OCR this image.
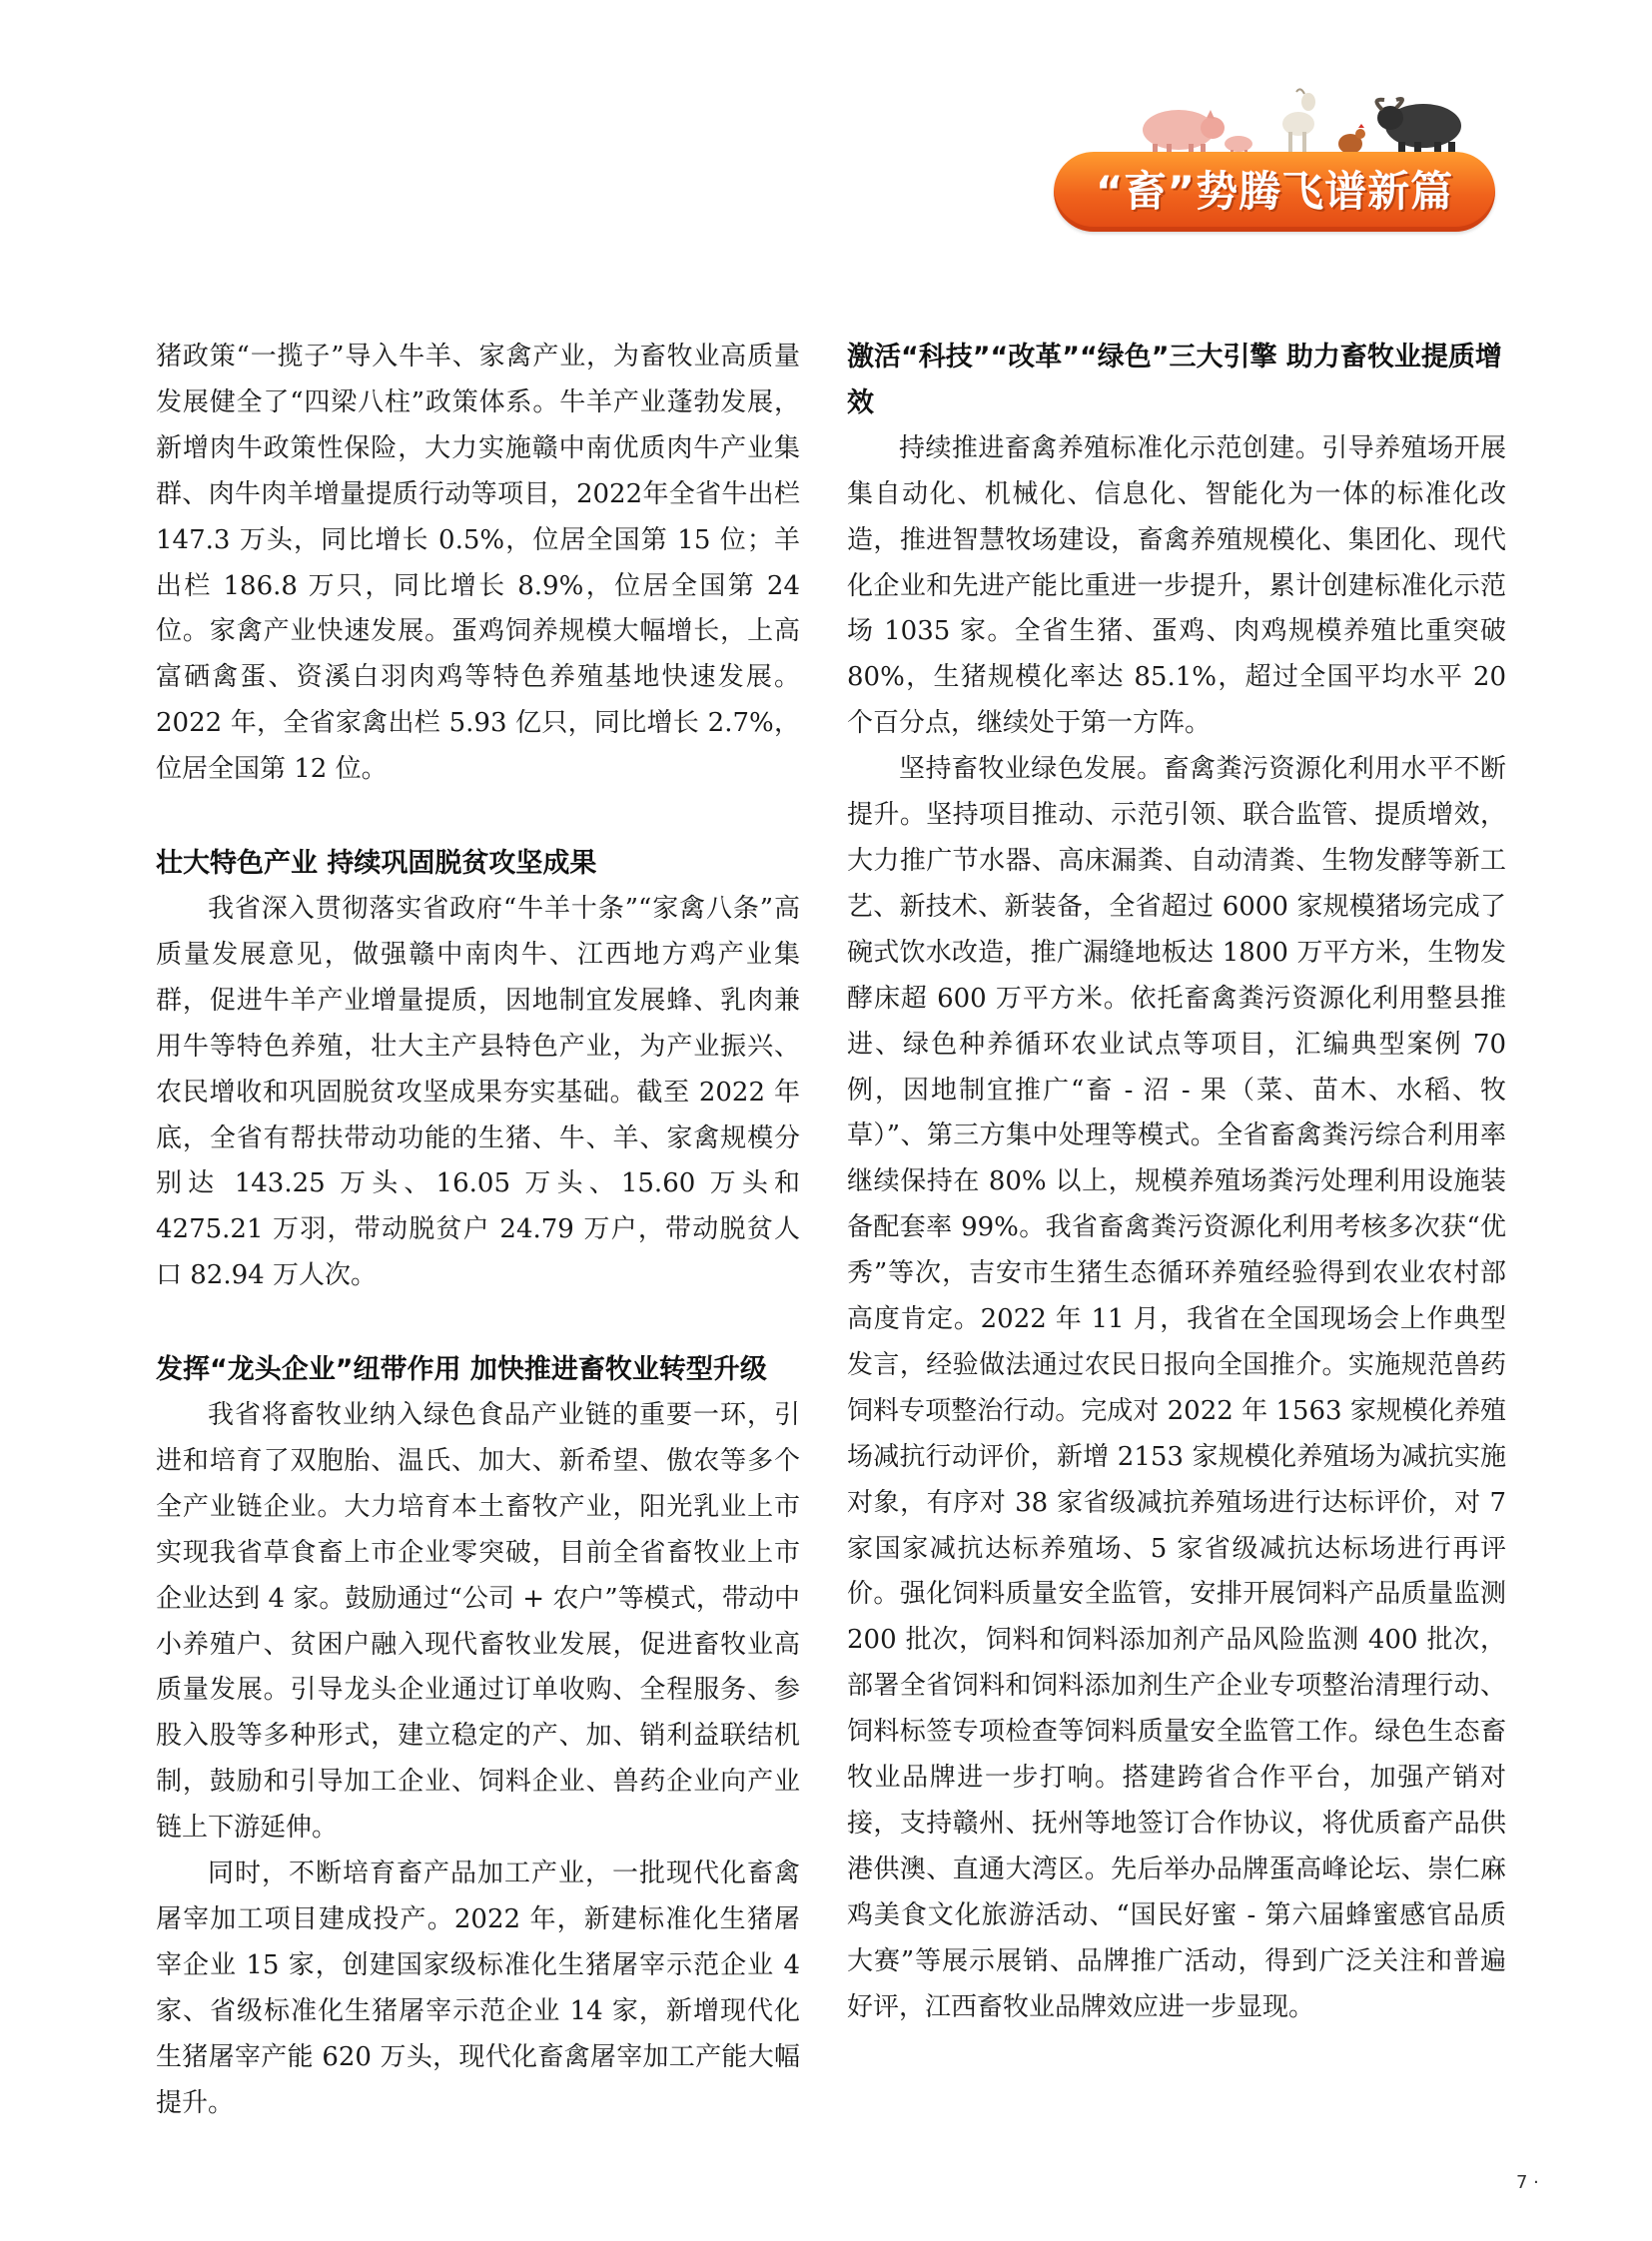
“畜”势腾飞谱新篇

猪政策“一揽子”导入牛羊、家禽产业，为畜牧业高质量发展健全了“四梁八柱”政策体系。牛羊产业蓬勃发展，新增肉牛政策性保险，大力实施赣中南优质肉牛产业集群、肉牛肉羊增量提质行动等项目，2022年全省牛出栏 147.3 万头，同比增长 0.5%，位居全国第 15 位；羊出栏 186.8 万只，同比增长 8.9%，位居全国第 24 位。家禽产业快速发展。蛋鸡饲养规模大幅增长，上高富硒禽蛋、资溪白羽肉鸡等特色养殖基地快速发展。2022 年，全省家禽出栏 5.93 亿只，同比增长 2.7%，位居全国第 12 位。

壮大特色产业 持续巩固脱贫攻坚成果

我省深入贯彻落实省政府“牛羊十条”“家禽八条”高质量发展意见，做强赣中南肉牛、江西地方鸡产业集群，促进牛羊产业增量提质，因地制宜发展蜂、乳肉兼用牛等特色养殖，壮大主产县特色产业，为产业振兴、农民增收和巩固脱贫攻坚成果夯实基础。截至 2022 年底，全省有帮扶带动功能的生猪、牛、羊、家禽规模分别达 143.25 万头、16.05 万头、15.60 万头和 4275.21 万羽，带动脱贫户 24.79 万户，带动脱贫人口 82.94 万人次。

发挥“龙头企业”纽带作用 加快推进畜牧业转型升级

我省将畜牧业纳入绿色食品产业链的重要一环，引进和培育了双胞胎、温氏、加大、新希望、傲农等多个全产业链企业。大力培育本土畜牧产业，阳光乳业上市实现我省草食畜上市企业零突破，目前全省畜牧业上市企业达到 4 家。鼓励通过“公司 + 农户”等模式，带动中小养殖户、贫困户融入现代畜牧业发展，促进畜牧业高质量发展。引导龙头企业通过订单收购、全程服务、参股入股等多种形式，建立稳定的产、加、销利益联结机制，鼓励和引导加工企业、饲料企业、兽药企业向产业链上下游延伸。

同时，不断培育畜产品加工产业，一批现代化畜禽屠宰加工项目建成投产。2022 年，新建标准化生猪屠宰企业 15 家，创建国家级标准化生猪屠宰示范企业 4 家、省级标准化生猪屠宰示范企业 14 家，新增现代化生猪屠宰产能 620 万头，现代化畜禽屠宰加工产能大幅提升。

激活“科技”“改革”“绿色”三大引擎 助力畜牧业提质增效

持续推进畜禽养殖标准化示范创建。引导养殖场开展集自动化、机械化、信息化、智能化为一体的标准化改造，推进智慧牧场建设，畜禽养殖规模化、集团化、现代化企业和先进产能比重进一步提升，累计创建标准化示范场 1035 家。全省生猪、蛋鸡、肉鸡规模养殖比重突破 80%，生猪规模化率达 85.1%，超过全国平均水平 20 个百分点，继续处于第一方阵。

坚持畜牧业绿色发展。畜禽粪污资源化利用水平不断提升。坚持项目推动、示范引领、联合监管、提质增效，大力推广节水器、高床漏粪、自动清粪、生物发酵等新工艺、新技术、新装备，全省超过 6000 家规模猪场完成了碗式饮水改造，推广漏缝地板达 1800 万平方米，生物发酵床超 600 万平方米。依托畜禽粪污资源化利用整县推进、绿色种养循环农业试点等项目，汇编典型案例 70 例，因地制宜推广“畜 - 沼 - 果（菜、苗木、水稻、牧草）”、第三方集中处理等模式。全省畜禽粪污综合利用率继续保持在 80% 以上，规模养殖场粪污处理利用设施装备配套率 99%。我省畜禽粪污资源化利用考核多次获“优秀”等次，吉安市生猪生态循环养殖经验得到农业农村部高度肯定。2022 年 11 月，我省在全国现场会上作典型发言，经验做法通过农民日报向全国推介。实施规范兽药饲料专项整治行动。完成对 2022 年 1563 家规模化养殖场减抗行动评价，新增 2153 家规模化养殖场为减抗实施对象，有序对 38 家省级减抗养殖场进行达标评价，对 7 家国家减抗达标养殖场、5 家省级减抗达标场进行再评价。强化饲料质量安全监管，安排开展饲料产品质量监测 200 批次，饲料和饲料添加剂产品风险监测 400 批次，部署全省饲料和饲料添加剂生产企业专项整治清理行动、饲料标签专项检查等饲料质量安全监管工作。绿色生态畜牧业品牌进一步打响。搭建跨省合作平台，加强产销对接，支持赣州、抚州等地签订合作协议，将优质畜产品供港供澳、直通大湾区。先后举办品牌蛋高峰论坛、崇仁麻鸡美食文化旅游活动、“国民好蜜 - 第六届蜂蜜感官品质大赛”等展示展销、品牌推广活动，得到广泛关注和普遍好评，江西畜牧业品牌效应进一步显现。

7 ·
